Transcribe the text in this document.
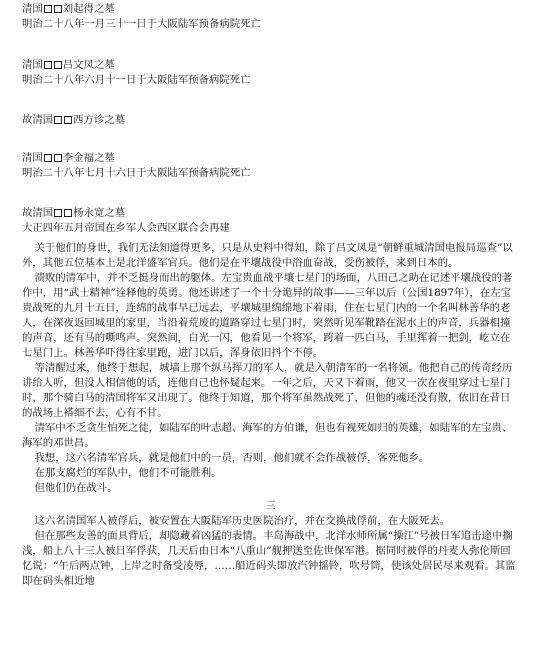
清国 刘起得之墓

明治二十八年一月三十一日于大阪陆军预备病院死亡

清国 吕文凤之墓

明治二十八年六月十一日于大阪陆军预备病院死亡

故清国 西方诊之墓

清国 李金福之墓

明治二十八年七月十六日于大阪陆军预备病院死亡

故清国 杨永宽之墓

大正四年五月帝国在乡军人会西区联合会再建

关于他们的身世，我们无法知道得更多，只是从史料中得知，除了吕文凤是“朝鲜重城清国电报局巡查”以外，其他五位基本上是北洋盛军官兵。他们是在平壤战役中浴血奋战，受伤被俘，来到日本的。

溃败的清军中，并不乏挺身而出的躯体。左宝贵血战平壤七星门的场面，八田己之助在记述平壤战役的著作中，用“武士精神”诠释他的英勇。他还讲述了一个十分诡异的故事——三年以后（公国1897年），在左宝贵战死的九月十五日，连绵的战事早已远去，平壤城里绵绵地下着雨，住在七星门内的一个名叫林善华的老人，在深夜返回城里的家里，当沿着荒废的道路穿过七星门时，突然听见军靴踏在泥水上的声音，兵器相撞的声音，还有马的嘶鸣声。突然间，白光一闪，他看见一个将军，跨着一匹白马，手里挥着一把剑，屹立在七星门上。林善华吓得往家里跑，进门以后，浑身依旧抖个不停。

等清醒过来，他终于想起，城墙上那个纵马挥刀的军人，就是入朝清军的一名将领。他把自己的传奇经历讲给人听，但没人相信他的话，连他自己也怀疑起来。一年之后，天又下着雨，他又一次在夜里穿过七星门时，那个骑白马的清国将军又出现了。他终于知道，那个将军虽然战死了，但他的魂还没有散，依旧在昔日的战场上褡细不去，心有不甘。

清军中不乏贪生怕死之徒，如陆军的叶志超、海军的方伯谦，但也有视死如归的英雄，如陆军的左宝贵、海军的邓世昌。

我想，这六名清军官兵，就是他们中的一员，否则，他们就不会作战被俘，客死他乡。

在那支腐烂的军队中，他们不可能胜利。

但他们仍在战斗。

三

这六名清国军人被俘后，被安置在大阪陆军历史医院治疗，并在交换战俘前，在大阪死去。

但在那些友善的面具背后，却隐藏着凶猛的表情。丰岛海战中，北洋水师所属“操江”号被日军追击途中搁浅，船上八十三人被日军俘获，几天后由日本“八重山”舰押送至佐世保军港。据同时被俘的丹麦人弥伦斯回忆说：“午后两点钟，上岸之时备受凌辱，……船近码头即放汽钟摇铃，吹号筒，使该处居民尽来观看。其监即在码头相近地
